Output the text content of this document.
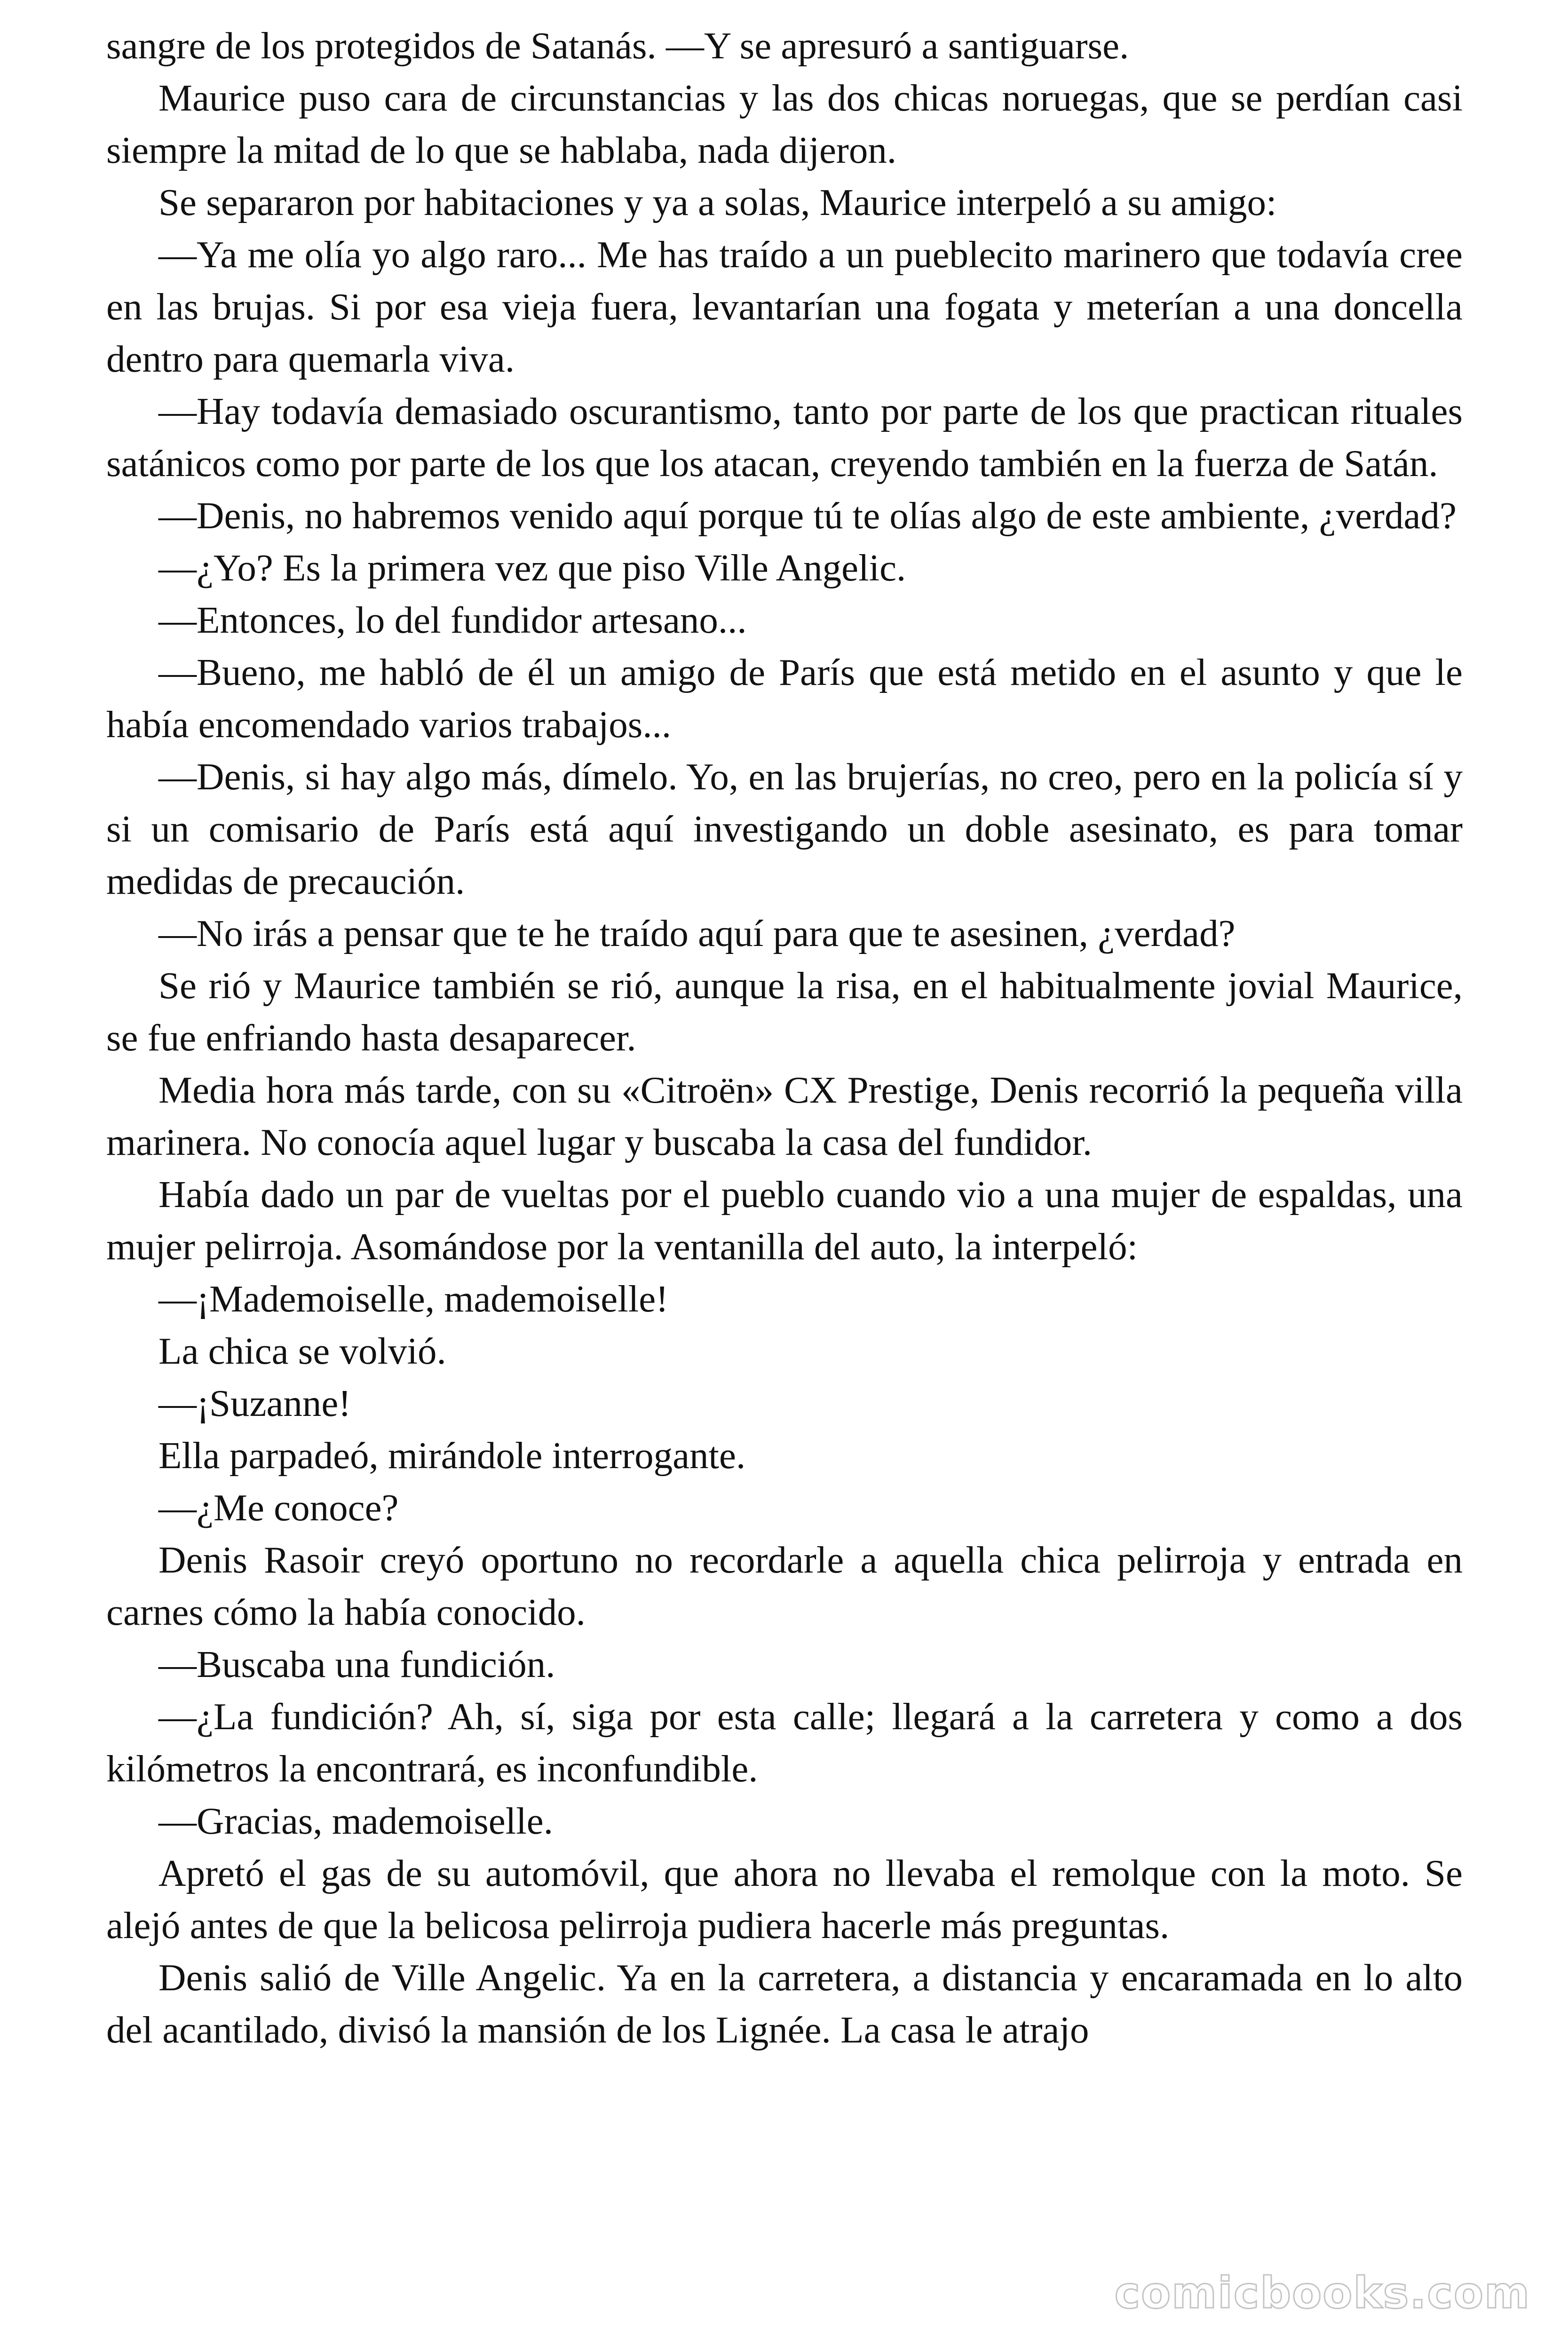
sangre de los protegidos de Satanás. —Y se apresuró a santiguarse.

Maurice puso cara de circunstancias y las dos chicas noruegas, que se perdían casi siempre la mitad de lo que se hablaba, nada dijeron.

Se separaron por habitaciones y ya a solas, Maurice interpeló a su amigo:

—Ya me olía yo algo raro... Me has traído a un pueblecito marinero que todavía cree en las brujas. Si por esa vieja fuera, levantarían una fogata y meterían a una doncella dentro para quemarla viva.

—Hay todavía demasiado oscurantismo, tanto por parte de los que practican rituales satánicos como por parte de los que los atacan, creyendo también en la fuerza de Satán.

—Denis, no habremos venido aquí porque tú te olías algo de este ambiente, ¿verdad?

—¿Yo? Es la primera vez que piso Ville Angelic.

—Entonces, lo del fundidor artesano...

—Bueno, me habló de él un amigo de París que está metido en el asunto y que le había encomendado varios trabajos...

—Denis, si hay algo más, dímelo. Yo, en las brujerías, no creo, pero en la policía sí y si un comisario de París está aquí investigando un doble asesinato, es para tomar medidas de precaución.

—No irás a pensar que te he traído aquí para que te asesinen, ¿verdad?

Se rió y Maurice también se rió, aunque la risa, en el habitualmente jovial Maurice, se fue enfriando hasta desaparecer.

Media hora más tarde, con su «Citroën» CX Prestige, Denis recorrió la pequeña villa marinera. No conocía aquel lugar y buscaba la casa del fundidor.

Había dado un par de vueltas por el pueblo cuando vio a una mujer de espaldas, una mujer pelirroja. Asomándose por la ventanilla del auto, la interpeló:

—¡Mademoiselle, mademoiselle!

La chica se volvió.

—¡Suzanne!

Ella parpadeó, mirándole interrogante.

—¿Me conoce?

Denis Rasoir creyó oportuno no recordarle a aquella chica pelirroja y entrada en carnes cómo la había conocido.

—Buscaba una fundición.

—¿La fundición? Ah, sí, siga por esta calle; llegará a la carretera y como a dos kilómetros la encontrará, es inconfundible.

—Gracias, mademoiselle.

Apretó el gas de su automóvil, que ahora no llevaba el remolque con la moto. Se alejó antes de que la belicosa pelirroja pudiera hacerle más preguntas.

Denis salió de Ville Angelic. Ya en la carretera, a distancia y encaramada en lo alto del acantilado, divisó la mansión de los Lignée. La casa le atrajo

comicbooks.com
